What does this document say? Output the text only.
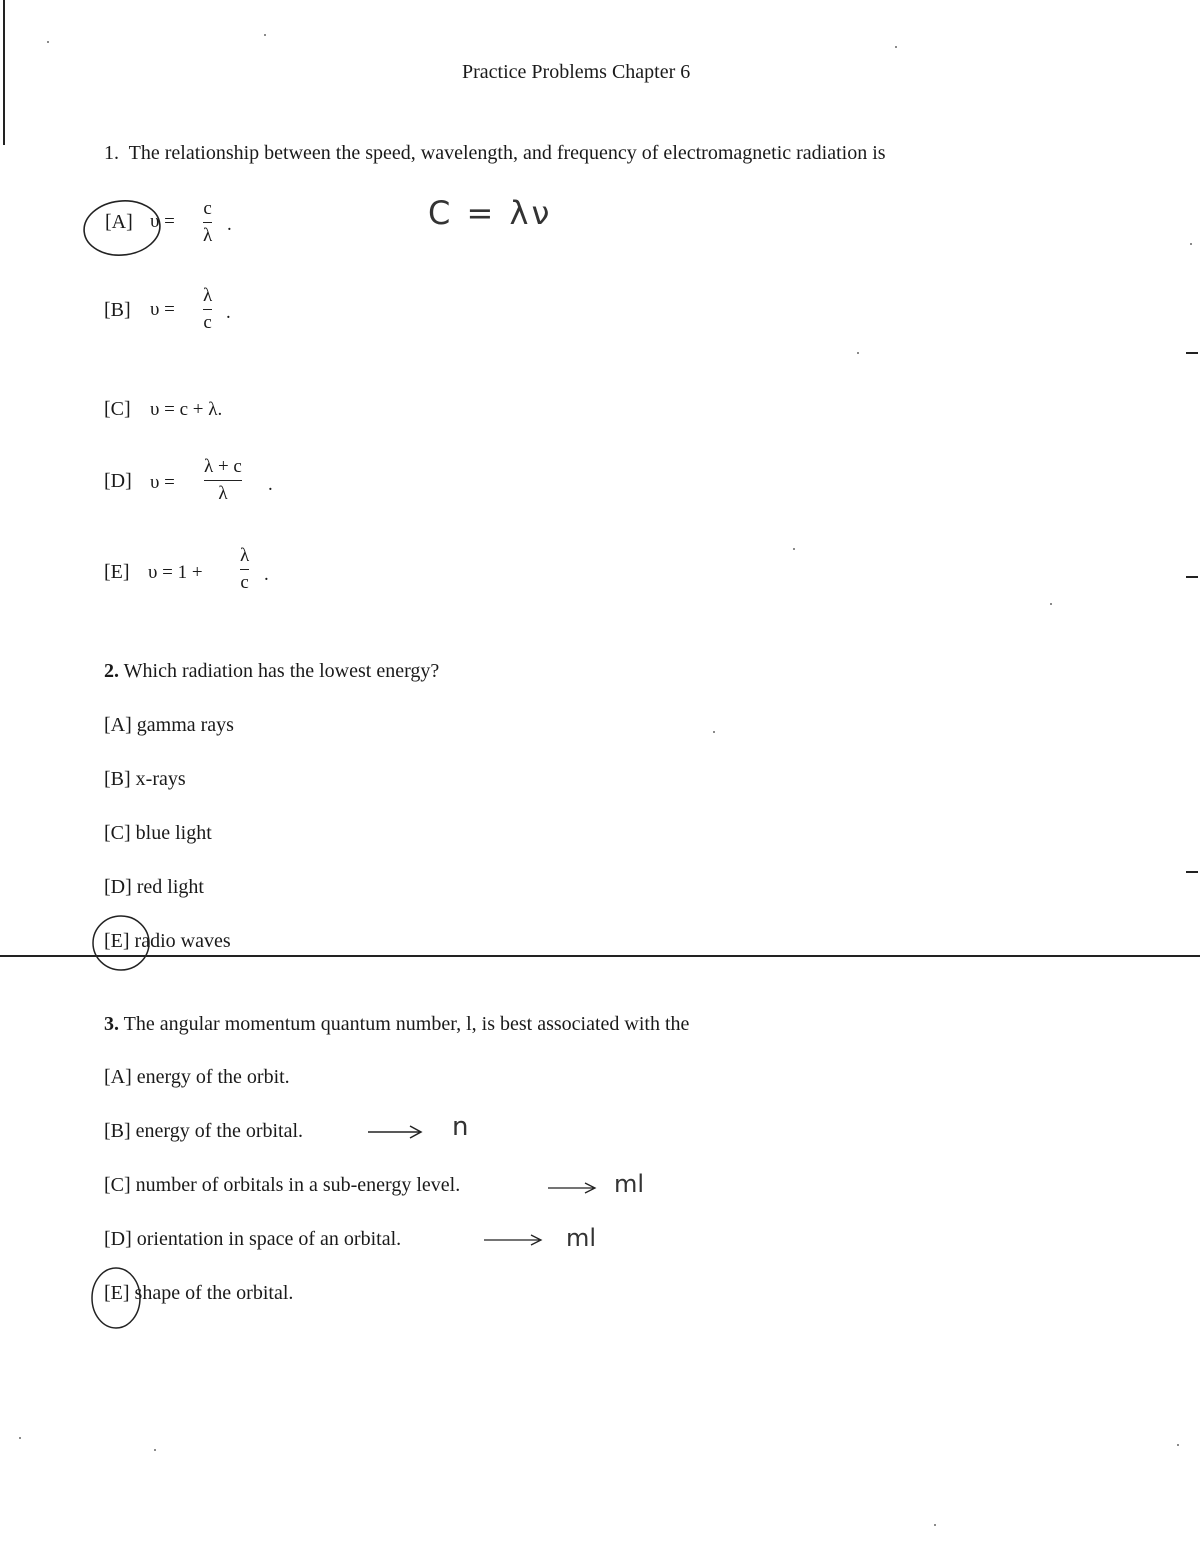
Practice Problems Chapter 6
1. The relationship between the speed, wavelength, and frequency of electromagnetic radiation is
[A] υ =
c
λ
.	C = λν
[B] υ =
λ
c .
[C] υ = c + λ.
[D] υ =
λ + c
λ .
[E] υ = 1 +
λ
c .
2. Which radiation has the lowest energy?
[A] gamma rays
[B] x-rays
[C] blue light
[D] red light
[E] radio waves
3. The angular momentum quantum number, l, is best associated with the
[A] energy of the orbit.
[B] energy of the orbital.
[C] number of orbitals in a sub-energy level.
[D] orientation in space of an orbital.
[E] shape of the orbital.
n
ml
ml
